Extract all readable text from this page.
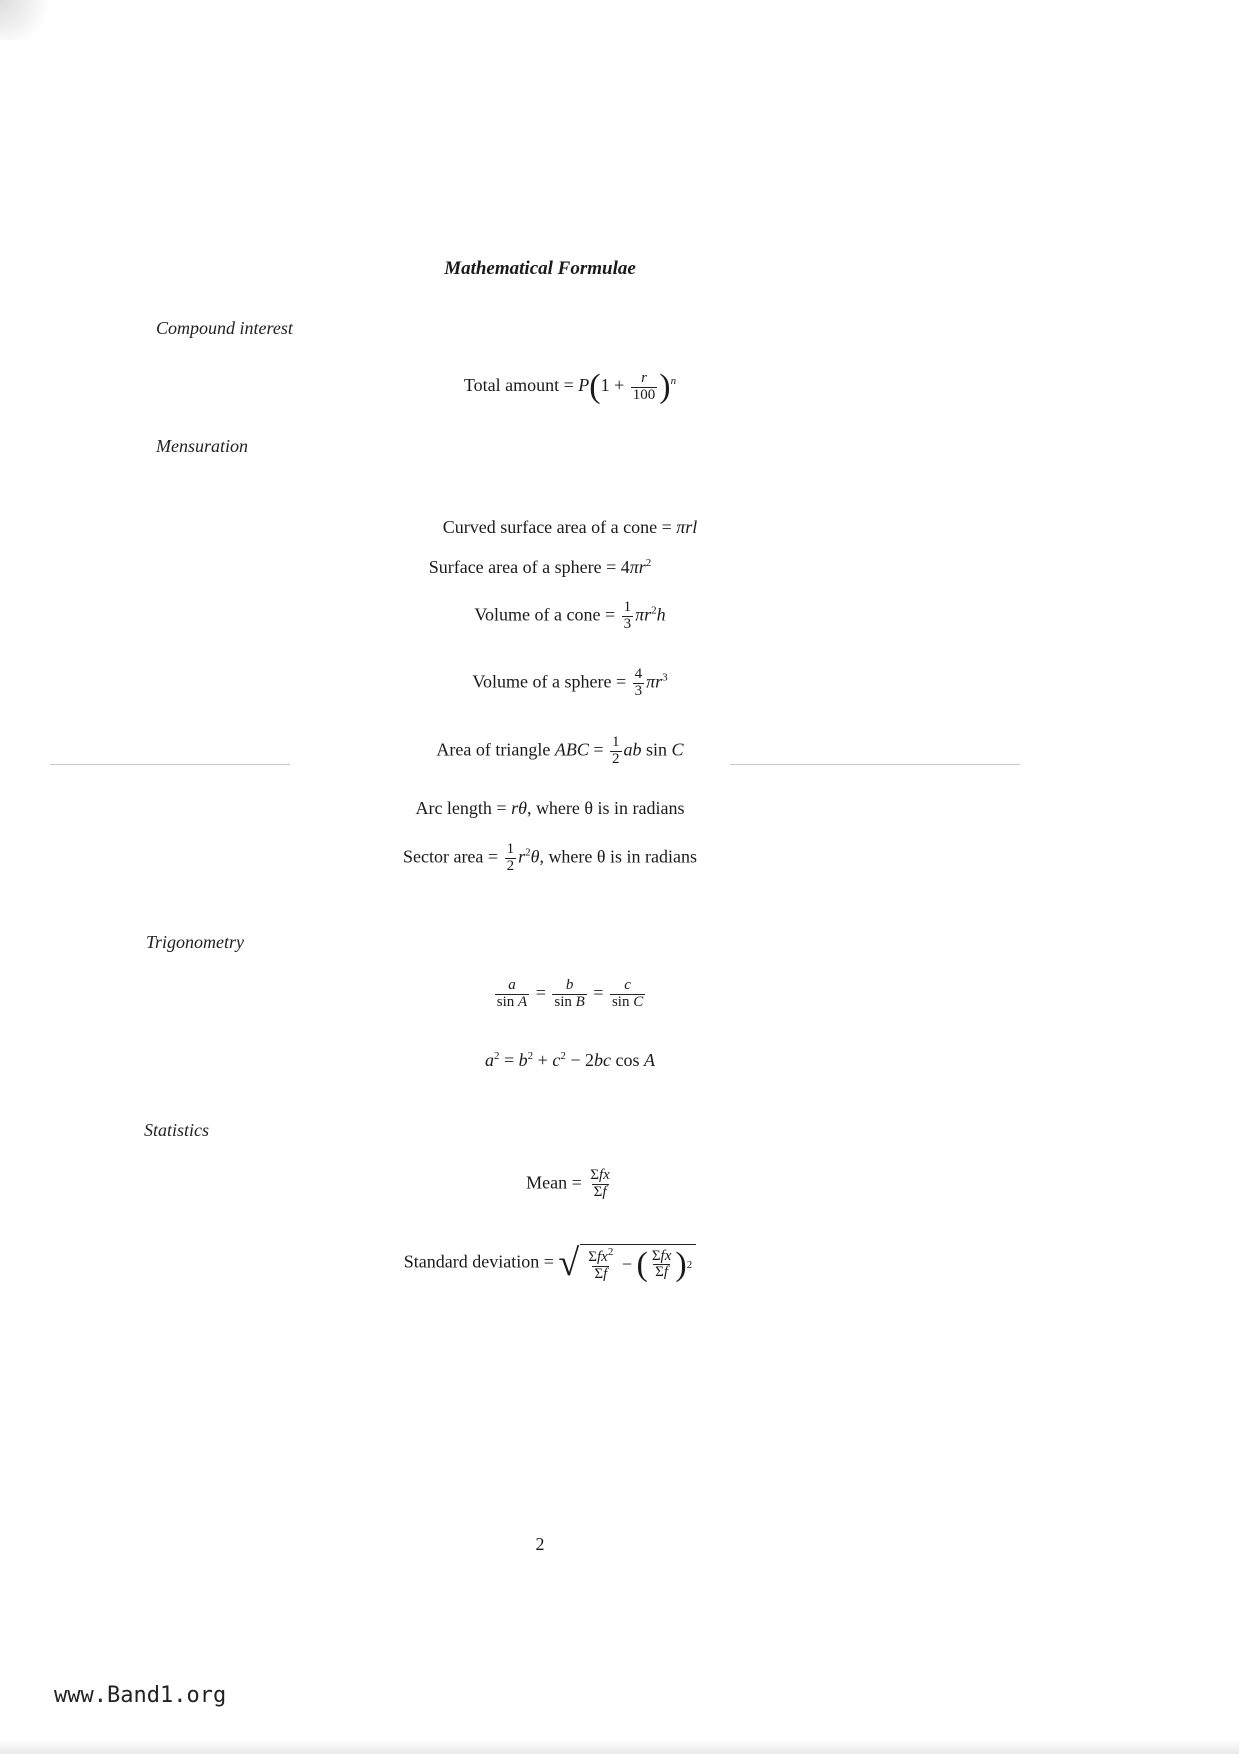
Mathematical Formulae
Compound interest
Total amount = $P(1 + \frac{r}{100} )^n$
Mensuration
Curved surface area of a cone = πrl
Surface area of a sphere = $4\pi r^2$
Volume of a cone = $\frac{1}{3} \pi r^2h$
Volume of a sphere = $\frac{4}{3} \pi r^3$
Area of triangle ABC = $\frac{1}{2}$ ab sin C
Arc length = rθ, where θ is in radians
Sector area = $\frac{1}{2} r^2\theta$, where θ is in radians
Trigonometry
$\frac{a}{\text{sin A}} = \frac{b}{\text{sin B}} = \frac{c}{\text{sin C}}$
$a^2 = b^2 + c^2 - 2bc$ cos A
Statistics
Mean = $\frac{\text{Σfx}}{\Sigma f}$
Standard deviation = √ $\frac{\Sigma fx^2}{\Sigma f}$ − ( $\frac{\text{Σfx}}{\Sigma f}$ ) 2
2
www.Band1.org
